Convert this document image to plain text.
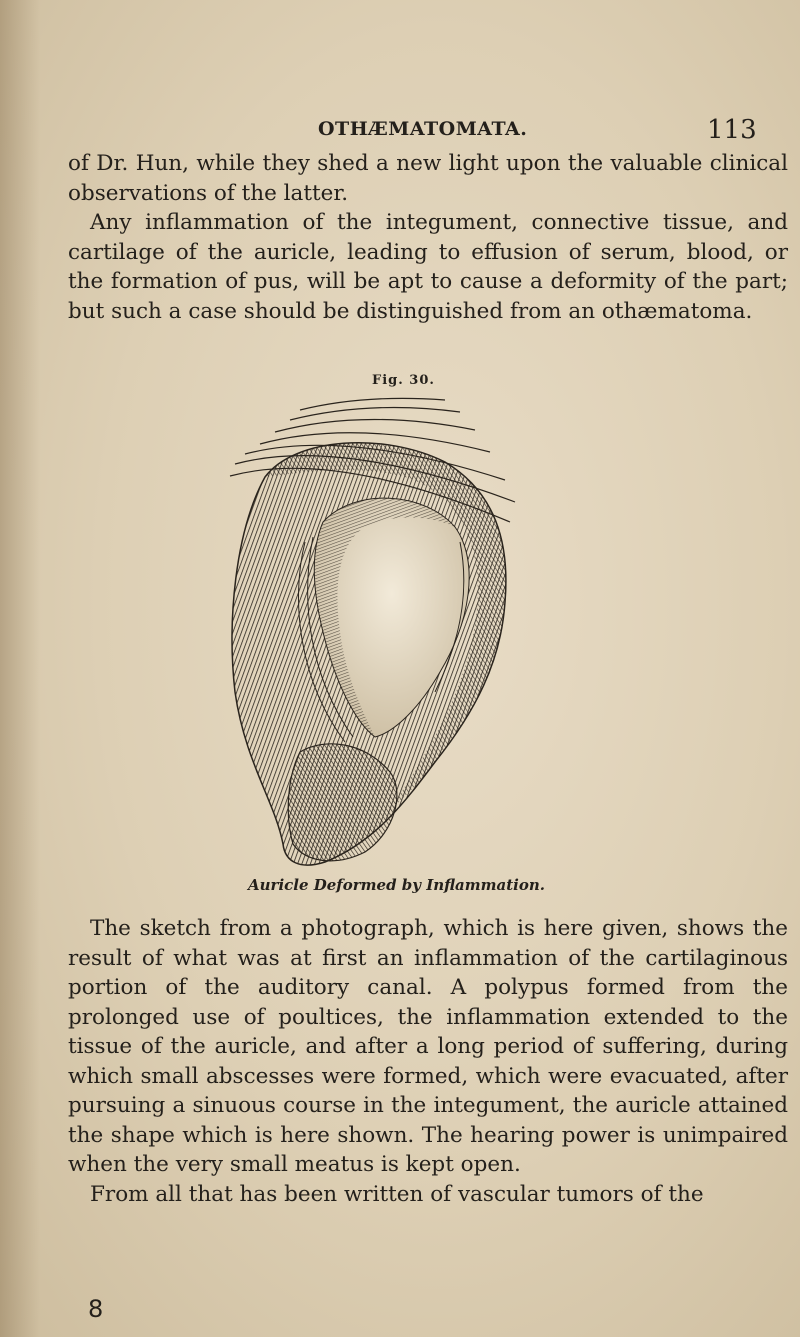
OTHÆMATOMATA.	113

of Dr. Hun, while they shed a new light upon the valuable clinical observations of the latter.

Any inflammation of the integument, connective tissue, and cartilage of the auricle, leading to effusion of serum, blood, or the formation of pus, will be apt to cause a deformity of the part; but such a case should be distinguished from an othæmatoma.

Fig. 30.
Auricle Deformed by Inflammation.

The sketch from a photograph, which is here given, shows the result of what was at first an inflammation of the cartilaginous portion of the auditory canal. A polypus formed from the prolonged use of poultices, the inflammation extended to the tissue of the auricle, and after a long period of suffering, during which small abscesses were formed, which were evacuated, after pursuing a sinuous course in the integument, the auricle attained the shape which is here shown. The hearing power is unimpaired when the very small meatus is kept open.

From all that has been written of vascular tumors of the

8
